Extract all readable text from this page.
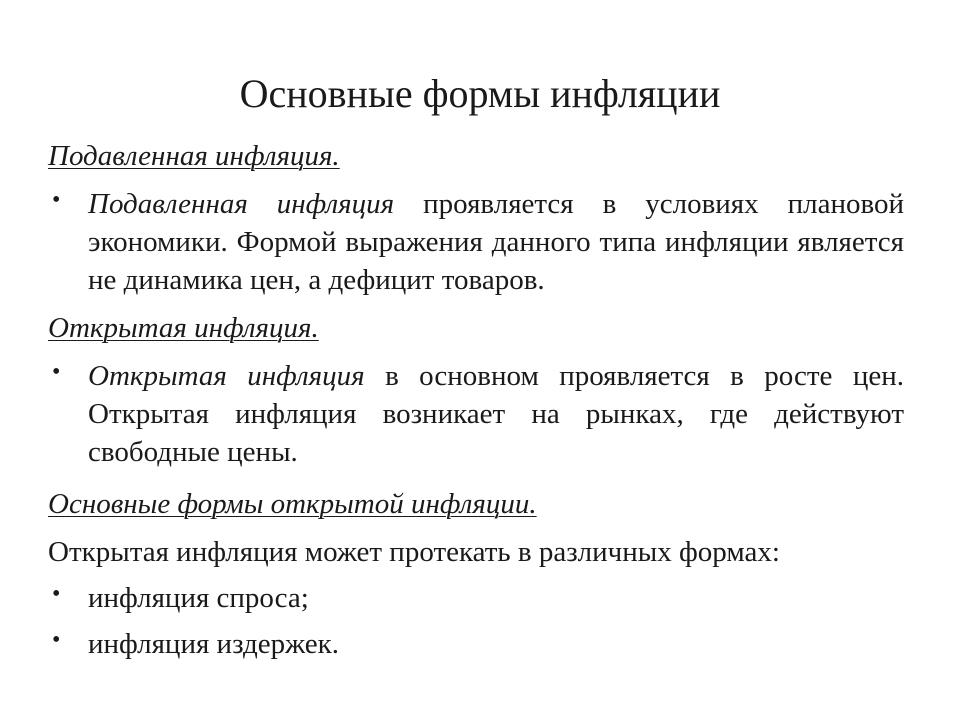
Основные формы инфляции
Подавленная инфляция.
• Подавленная инфляция проявляется в условиях плановой экономики. Формой выражения данного типа инфляции является не динамика цен, а дефицит товаров.
Открытая инфляция.
• Открытая инфляция в основном проявляется в росте цен. Открытая инфляция возникает на рынках, где действуют свободные цены.
Основные формы открытой инфляции.
Открытая инфляция может протекать в различных формах:
• инфляция спроса;
• инфляция издержек.
